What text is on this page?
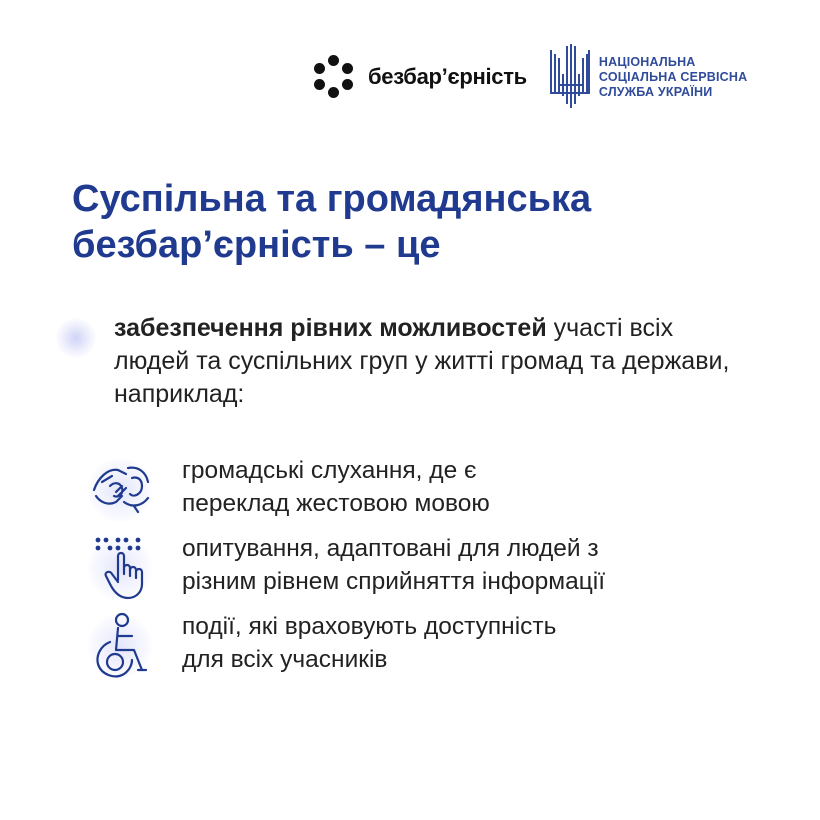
безбар’єрність
НАЦІОНАЛЬНА
СОЦІАЛЬНА СЕРВІСНА
СЛУЖБА УКРАЇНИ
Суспільна та громадянська
безбар’єрність – це

забезпечення рівних можливостей участі всіх людей та суспільних груп у житті громад та держави, наприклад:

громадські слухання, де є
переклад жестовою мовою
опитування, адаптовані для людей з
різним рівнем сприйняття інформації
події, які враховують доступність
для всіх учасників
